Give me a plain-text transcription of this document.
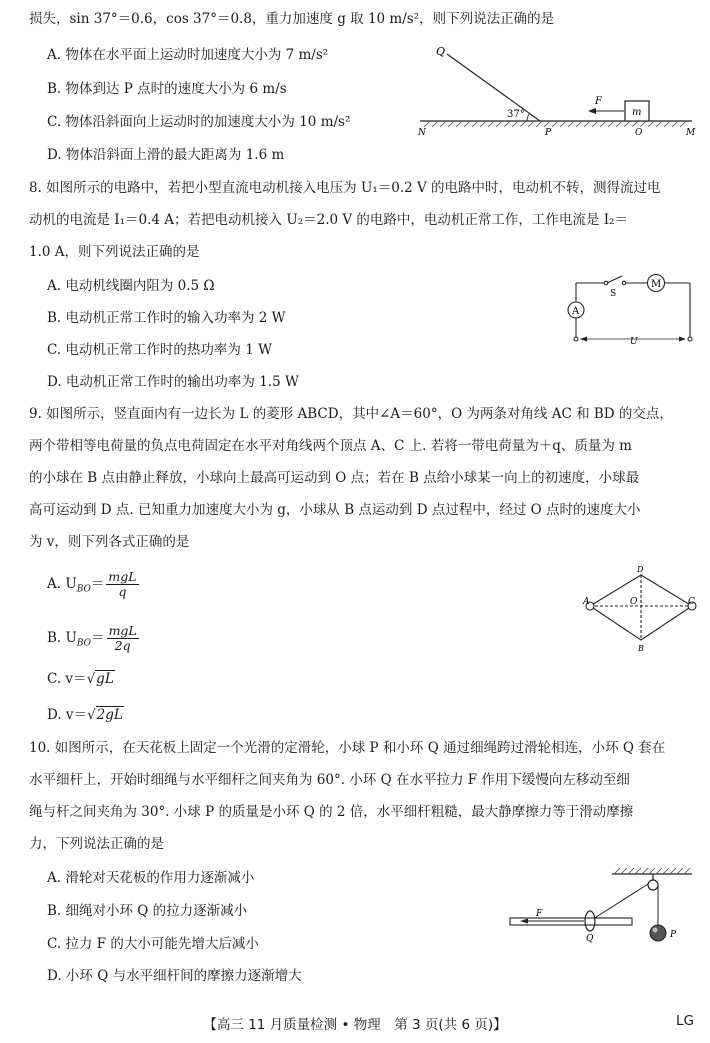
损失，sin 37°＝0.6，cos 37°＝0.8，重力加速度 g 取 10 m/s²，则下列说法正确的是
A. 物体在水平面上运动时加速度大小为 7 m/s²
B. 物体到达 P 点时的速度大小为 6 m/s
C. 物体沿斜面向上运动时的加速度大小为 10 m/s²
D. 物体沿斜面上滑的最大距离为 1.6 m
Q
37°
F
m
N	P	O	M
8. 如图所示的电路中，若把小型直流电动机接入电压为 U₁＝0.2 V 的电路中时，电动机不转，测得流过电
动机的电流是 I₁＝0.4 A；若把电动机接入 U₂＝2.0 V 的电路中，电动机正常工作，工作电流是 I₂＝
1.0 A，则下列说法正确的是
A. 电动机线圈内阻为 0.5 Ω
B. 电动机正常工作时的输入功率为 2 W
C. 电动机正常工作时的热功率为 1 W
D. 电动机正常工作时的输出功率为 1.5 W
S
M
A
U
9. 如图所示，竖直面内有一边长为 L 的菱形 ABCD，其中∠A＝60°，O 为两条对角线 AC 和 BD 的交点，
两个带相等电荷量的负点电荷固定在水平对角线两个顶点 A、C 上. 若将一带电荷量为＋q、质量为 m
的小球在 B 点由静止释放，小球向上最高可运动到 O 点；若在 B 点给小球某一向上的初速度，小球最
高可运动到 D 点. 已知重力加速度大小为 g，小球从 B 点运动到 D 点过程中，经过 O 点时的速度大小
为 v，则下列各式正确的是
A. $U_{BO}= \frac{\text{mgL}}{q}$
B. $U_{BO}= \frac{\text{mgL}}{2q}$
C. v＝√gL
D. v＝√2gL
A	C
D
B
O
10. 如图所示，在天花板上固定一个光滑的定滑轮，小球 P 和小环 Q 通过细绳跨过滑轮相连，小环 Q 套在
水平细杆上，开始时细绳与水平细杆之间夹角为 60°. 小环 Q 在水平拉力 F 作用下缓慢向左移动至细
绳与杆之间夹角为 30°. 小球 P 的质量是小环 Q 的 2 倍，水平细杆粗糙，最大静摩擦力等于滑动摩擦
力，下列说法正确的是
A. 滑轮对天花板的作用力逐渐减小
B. 细绳对小环 Q 的拉力逐渐减小
C. 拉力 F 的大小可能先增大后减小
D. 小环 Q 与水平细杆间的摩擦力逐渐增大
F
Q	P
【高三 11 月质量检测 • 物理　第 3 页(共 6 页)】	LG
